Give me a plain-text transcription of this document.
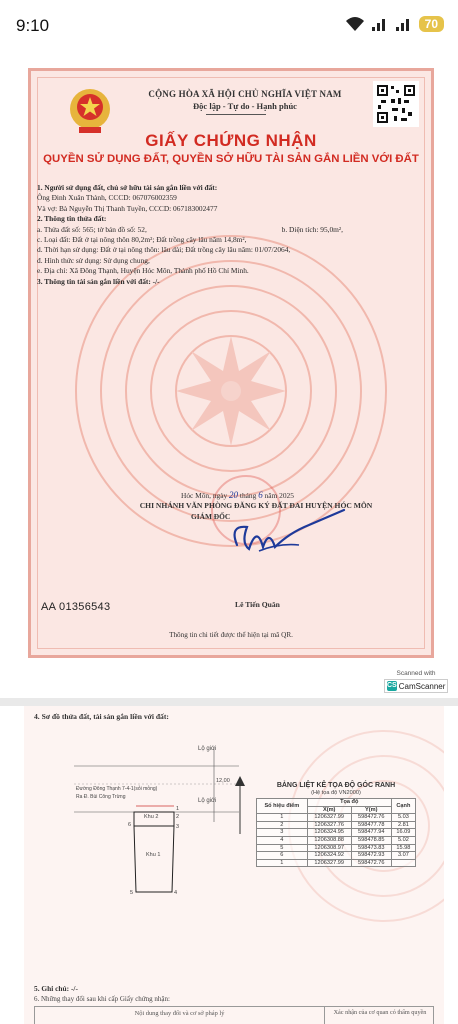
9:10	70
CỘNG HÒA XÃ HỘI CHỦ NGHĨA VIỆT NAM
Độc lập - Tự do - Hạnh phúc
GIẤY CHỨNG NHẬN
QUYỀN SỬ DỤNG ĐẤT, QUYỀN SỞ HỮU TÀI SẢN GẮN LIỀN VỚI ĐẤT
1. Người sử dụng đất, chủ sở hữu tài sản gắn liền với đất:
Ông Đinh Xuân Thành, CCCD: 067076002359
Và vợ: Bà Nguyễn Thị Thanh Tuyền, CCCD: 067183002477
2. Thông tin thửa đất:
a. Thửa đất số: 565; tờ bản đồ số: 52,	b. Diện tích: 95,0m²,
c. Loại đất: Đất ở tại nông thôn 80,2m²; Đất trồng cây lâu năm 14,8m²,
d. Thời hạn sử dụng: Đất ở tại nông thôn: lâu dài; Đất trồng cây lâu năm: 01/07/2064,
đ. Hình thức sử dụng: Sử dụng chung,
e. Địa chỉ: Xã Đông Thạnh, Huyện Hóc Môn, Thành phố Hồ Chí Minh.
3. Thông tin tài sản gắn liền với đất: -/-
Hóc Môn, ngày 20 tháng 6 năm 2025
CHI NHÁNH VĂN PHÒNG ĐĂNG KÝ ĐẤT ĐAI HUYỆN HÓC MÔN
GIÁM ĐỐC
Lê Tiến Quân
AA 01356543
Thông tin chi tiết được thể hiện tại mã QR.
Scanned with
CS CamScanner
4. Sơ đồ thửa đất, tài sản gắn liền với đất:
Lộ giới
Lộ giới
Đường Đông Thạnh 7-4-1(sỏi mỏng)
Ra Đ. Bùi Công Trừng
Khu 2
Khu 1
12,00
1
2
3
4
5
6
BẢNG LIỆT KÊ TỌA ĐỘ GÓC RANH
(Hệ tọa độ VN2000)
Số hiệu điểm	Tọa độ		Cạnh
	X(m)	Y(m)	
1	1206327.99	598472.76	5.03
2	1206327.76	598477.78	2.81
3	1206324.95	598477.94	16.09
4	1206308.88	598478.85	5.02
5	1206308.97	598473.83	15.98
6	1206324.92	598472.93	3.07
1	1206327.99	598472.76	
5. Ghi chú: -/-
6. Những thay đổi sau khi cấp Giấy chứng nhận:
Nội dung thay đổi và cơ sở pháp lý	Xác nhận của cơ quan có thẩm quyền
